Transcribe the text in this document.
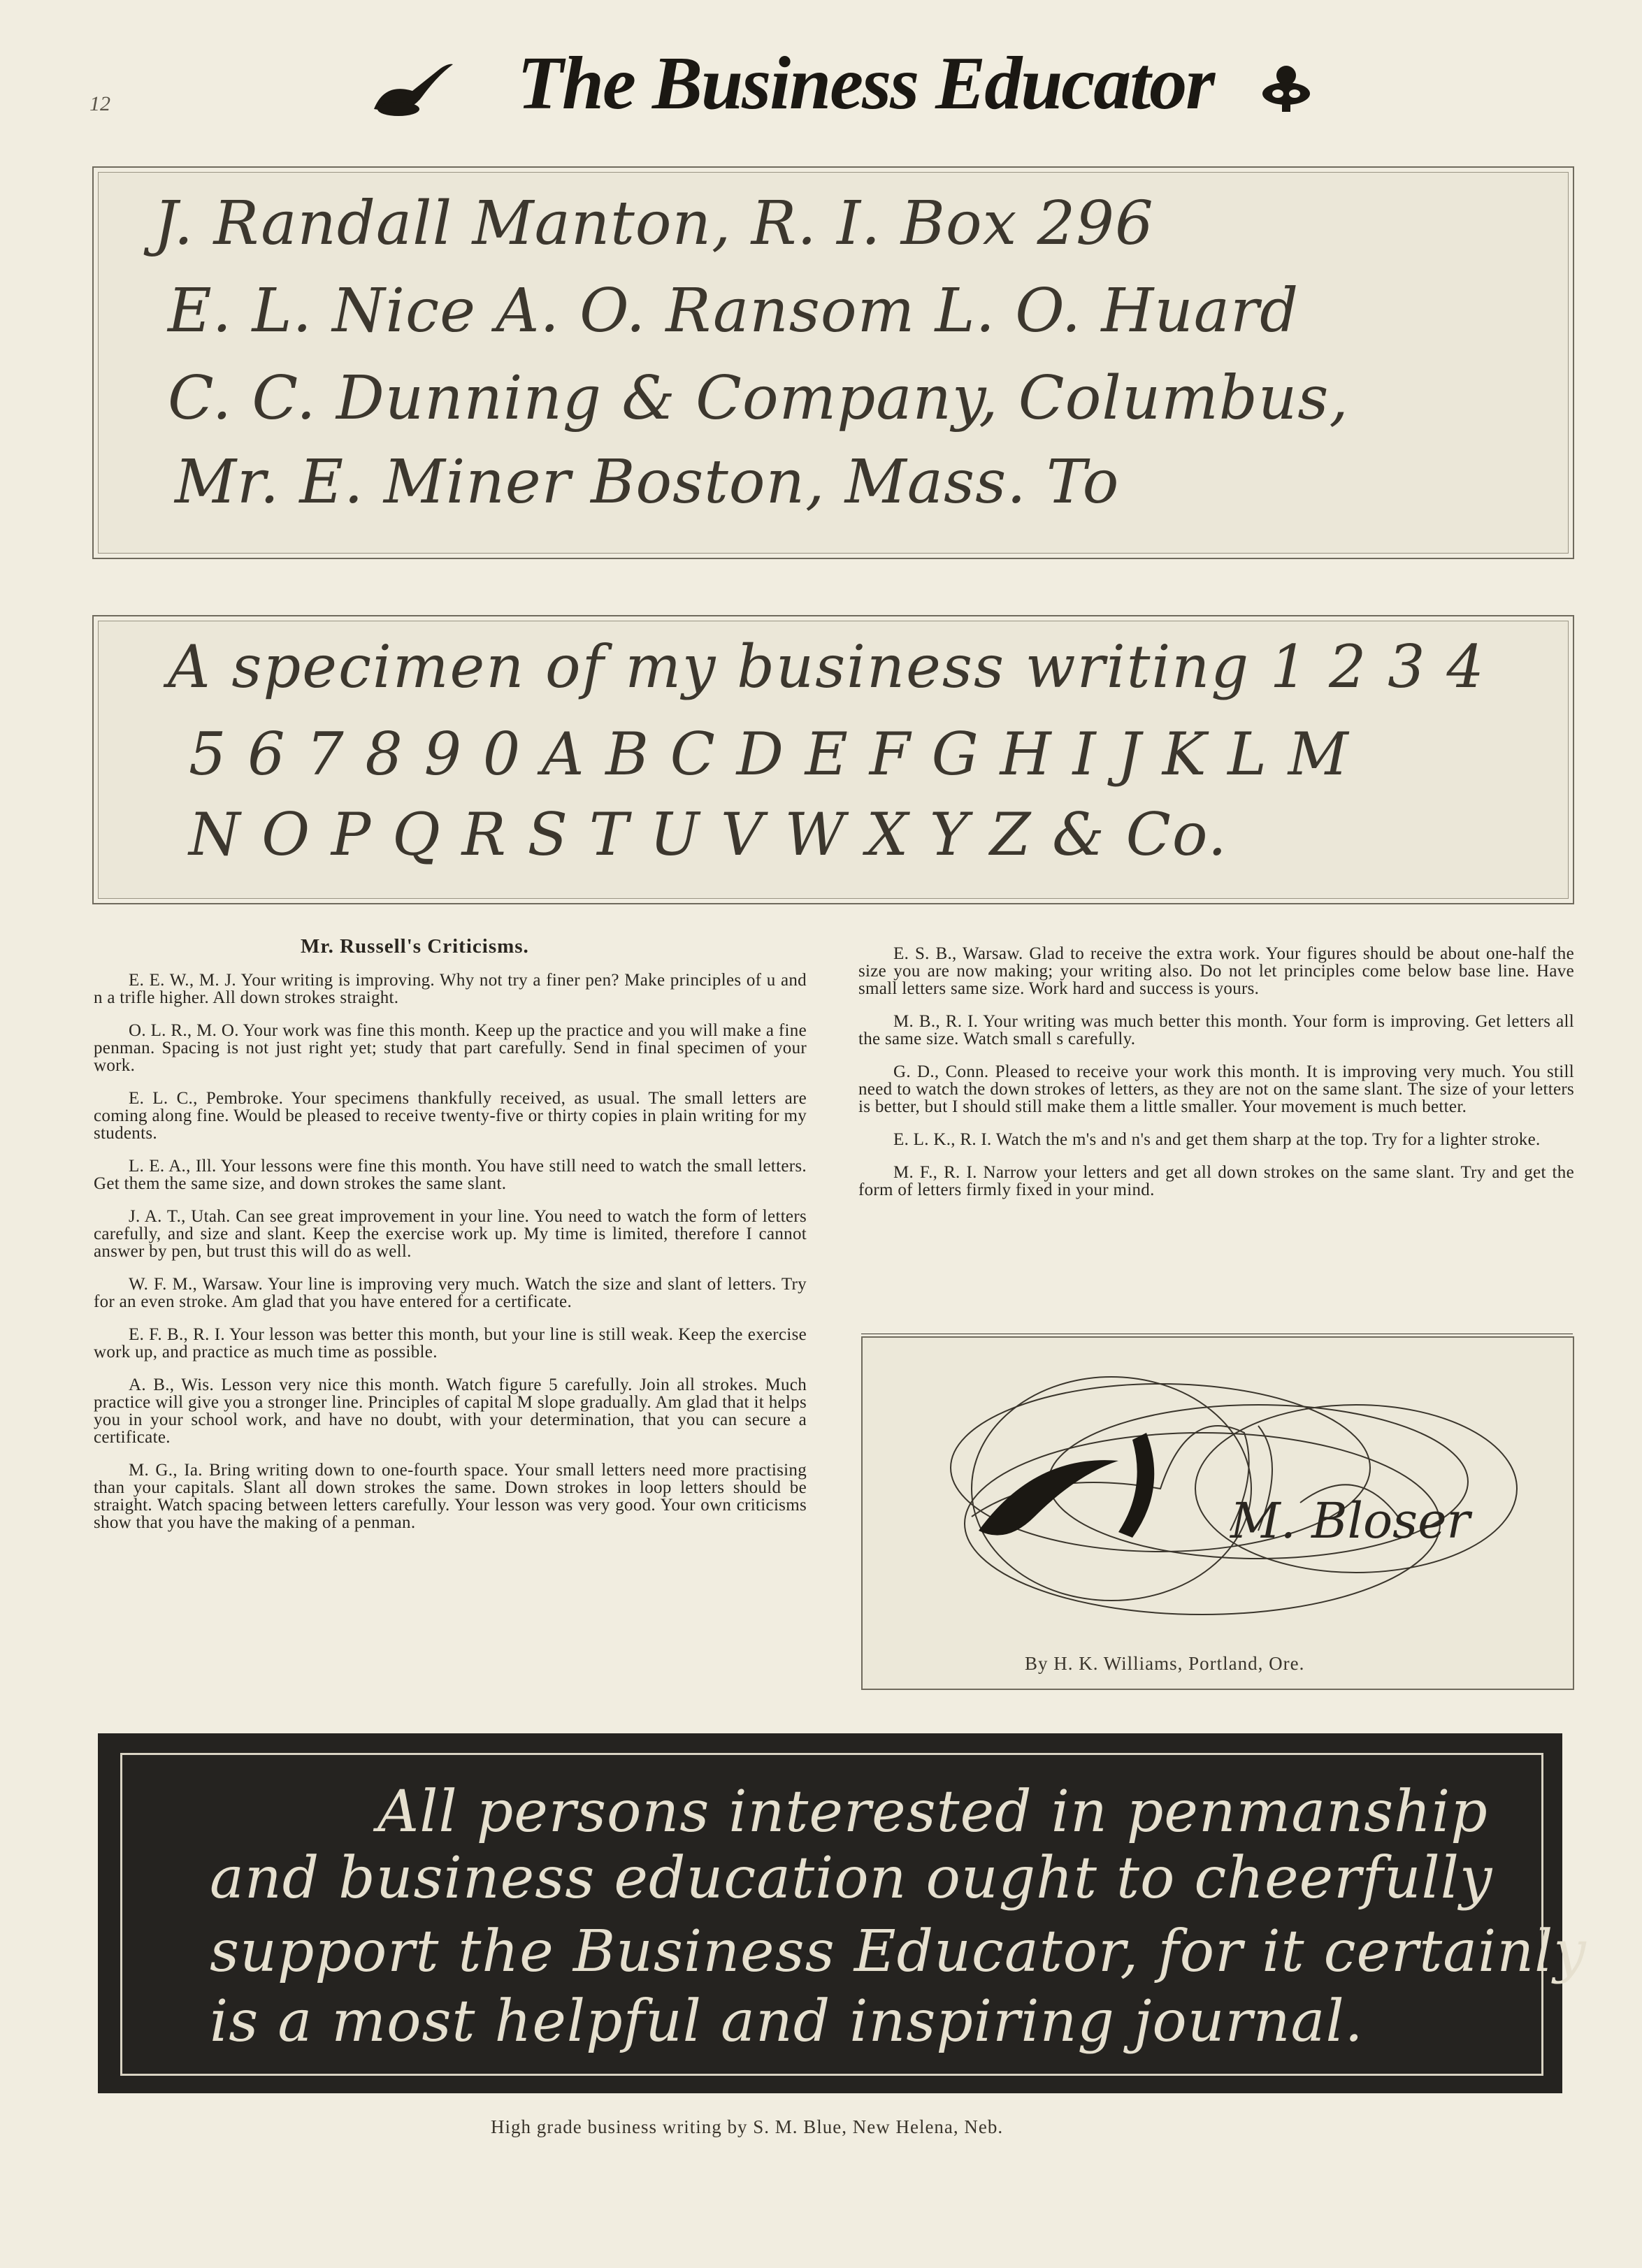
12	The Business Educator
J. Randall Manton, R. I. Box 296
E. L. Nice A. O. Ransom L. O. Huard
C. C. Dunning & Company, Columbus,
Mr. E. Miner Boston, Mass. To
A specimen of my business writing 1 2 3 4
5 6 7 8 9 0 A B C D E F G H I J K L M
N O P Q R S T U V W X Y Z & Co.
Mr. Russell's Criticisms.

E. E. W., M. J. Your writing is improving. Why not try a finer pen? Make principles of u and n a trifle higher. All down strokes straight.

O. L. R., M. O. Your work was fine this month. Keep up the practice and you will make a fine penman. Spacing is not just right yet; study that part carefully. Send in final specimen of your work.

E. L. C., Pembroke. Your specimens thankfully received, as usual. The small letters are coming along fine. Would be pleased to receive twenty-five or thirty copies in plain writing for my students.

L. E. A., Ill. Your lessons were fine this month. You have still need to watch the small letters. Get them the same size, and down strokes the same slant.

J. A. T., Utah. Can see great improvement in your line. You need to watch the form of letters carefully, and size and slant. Keep the exercise work up. My time is limited, therefore I cannot answer by pen, but trust this will do as well.

W. F. M., Warsaw. Your line is improving very much. Watch the size and slant of letters. Try for an even stroke. Am glad that you have entered for a certificate.

E. F. B., R. I. Your lesson was better this month, but your line is still weak. Keep the exercise work up, and practice as much time as possible.

A. B., Wis. Lesson very nice this month. Watch figure 5 carefully. Join all strokes. Much practice will give you a stronger line. Principles of capital M slope gradually. Am glad that it helps you in your school work, and have no doubt, with your determination, that you can secure a certificate.

M. G., Ia. Bring writing down to one-fourth space. Your small letters need more practising than your capitals. Slant all down strokes the same. Down strokes in loop letters should be straight. Watch spacing between letters carefully. Your lesson was very good. Your own criticisms show that you have the making of a penman.

E. S. B., Warsaw. Glad to receive the extra work. Your figures should be about one-half the size you are now making; your writing also. Do not let principles come below base line. Have small letters same size. Work hard and success is yours.

M. B., R. I. Your writing was much better this month. Your form is improving. Get letters all the same size. Watch small s carefully.

G. D., Conn. Pleased to receive your work this month. It is improving very much. You still need to watch the down strokes of letters, as they are not on the same slant. The size of your letters is better, but I should still make them a little smaller. Your movement is much better.

E. L. K., R. I. Watch the m's and n's and get them sharp at the top. Try for a lighter stroke.

M. F., R. I. Narrow your letters and get all down strokes on the same slant. Try and get the form of letters firmly fixed in your mind.

M. Bloser
By H. K. Williams, Portland, Ore.
All persons interested in penmanship
and business education ought to cheerfully
support the Business Educator, for it certainly
is a most helpful and inspiring journal.
High grade business writing by S. M. Blue, New Helena, Neb.
